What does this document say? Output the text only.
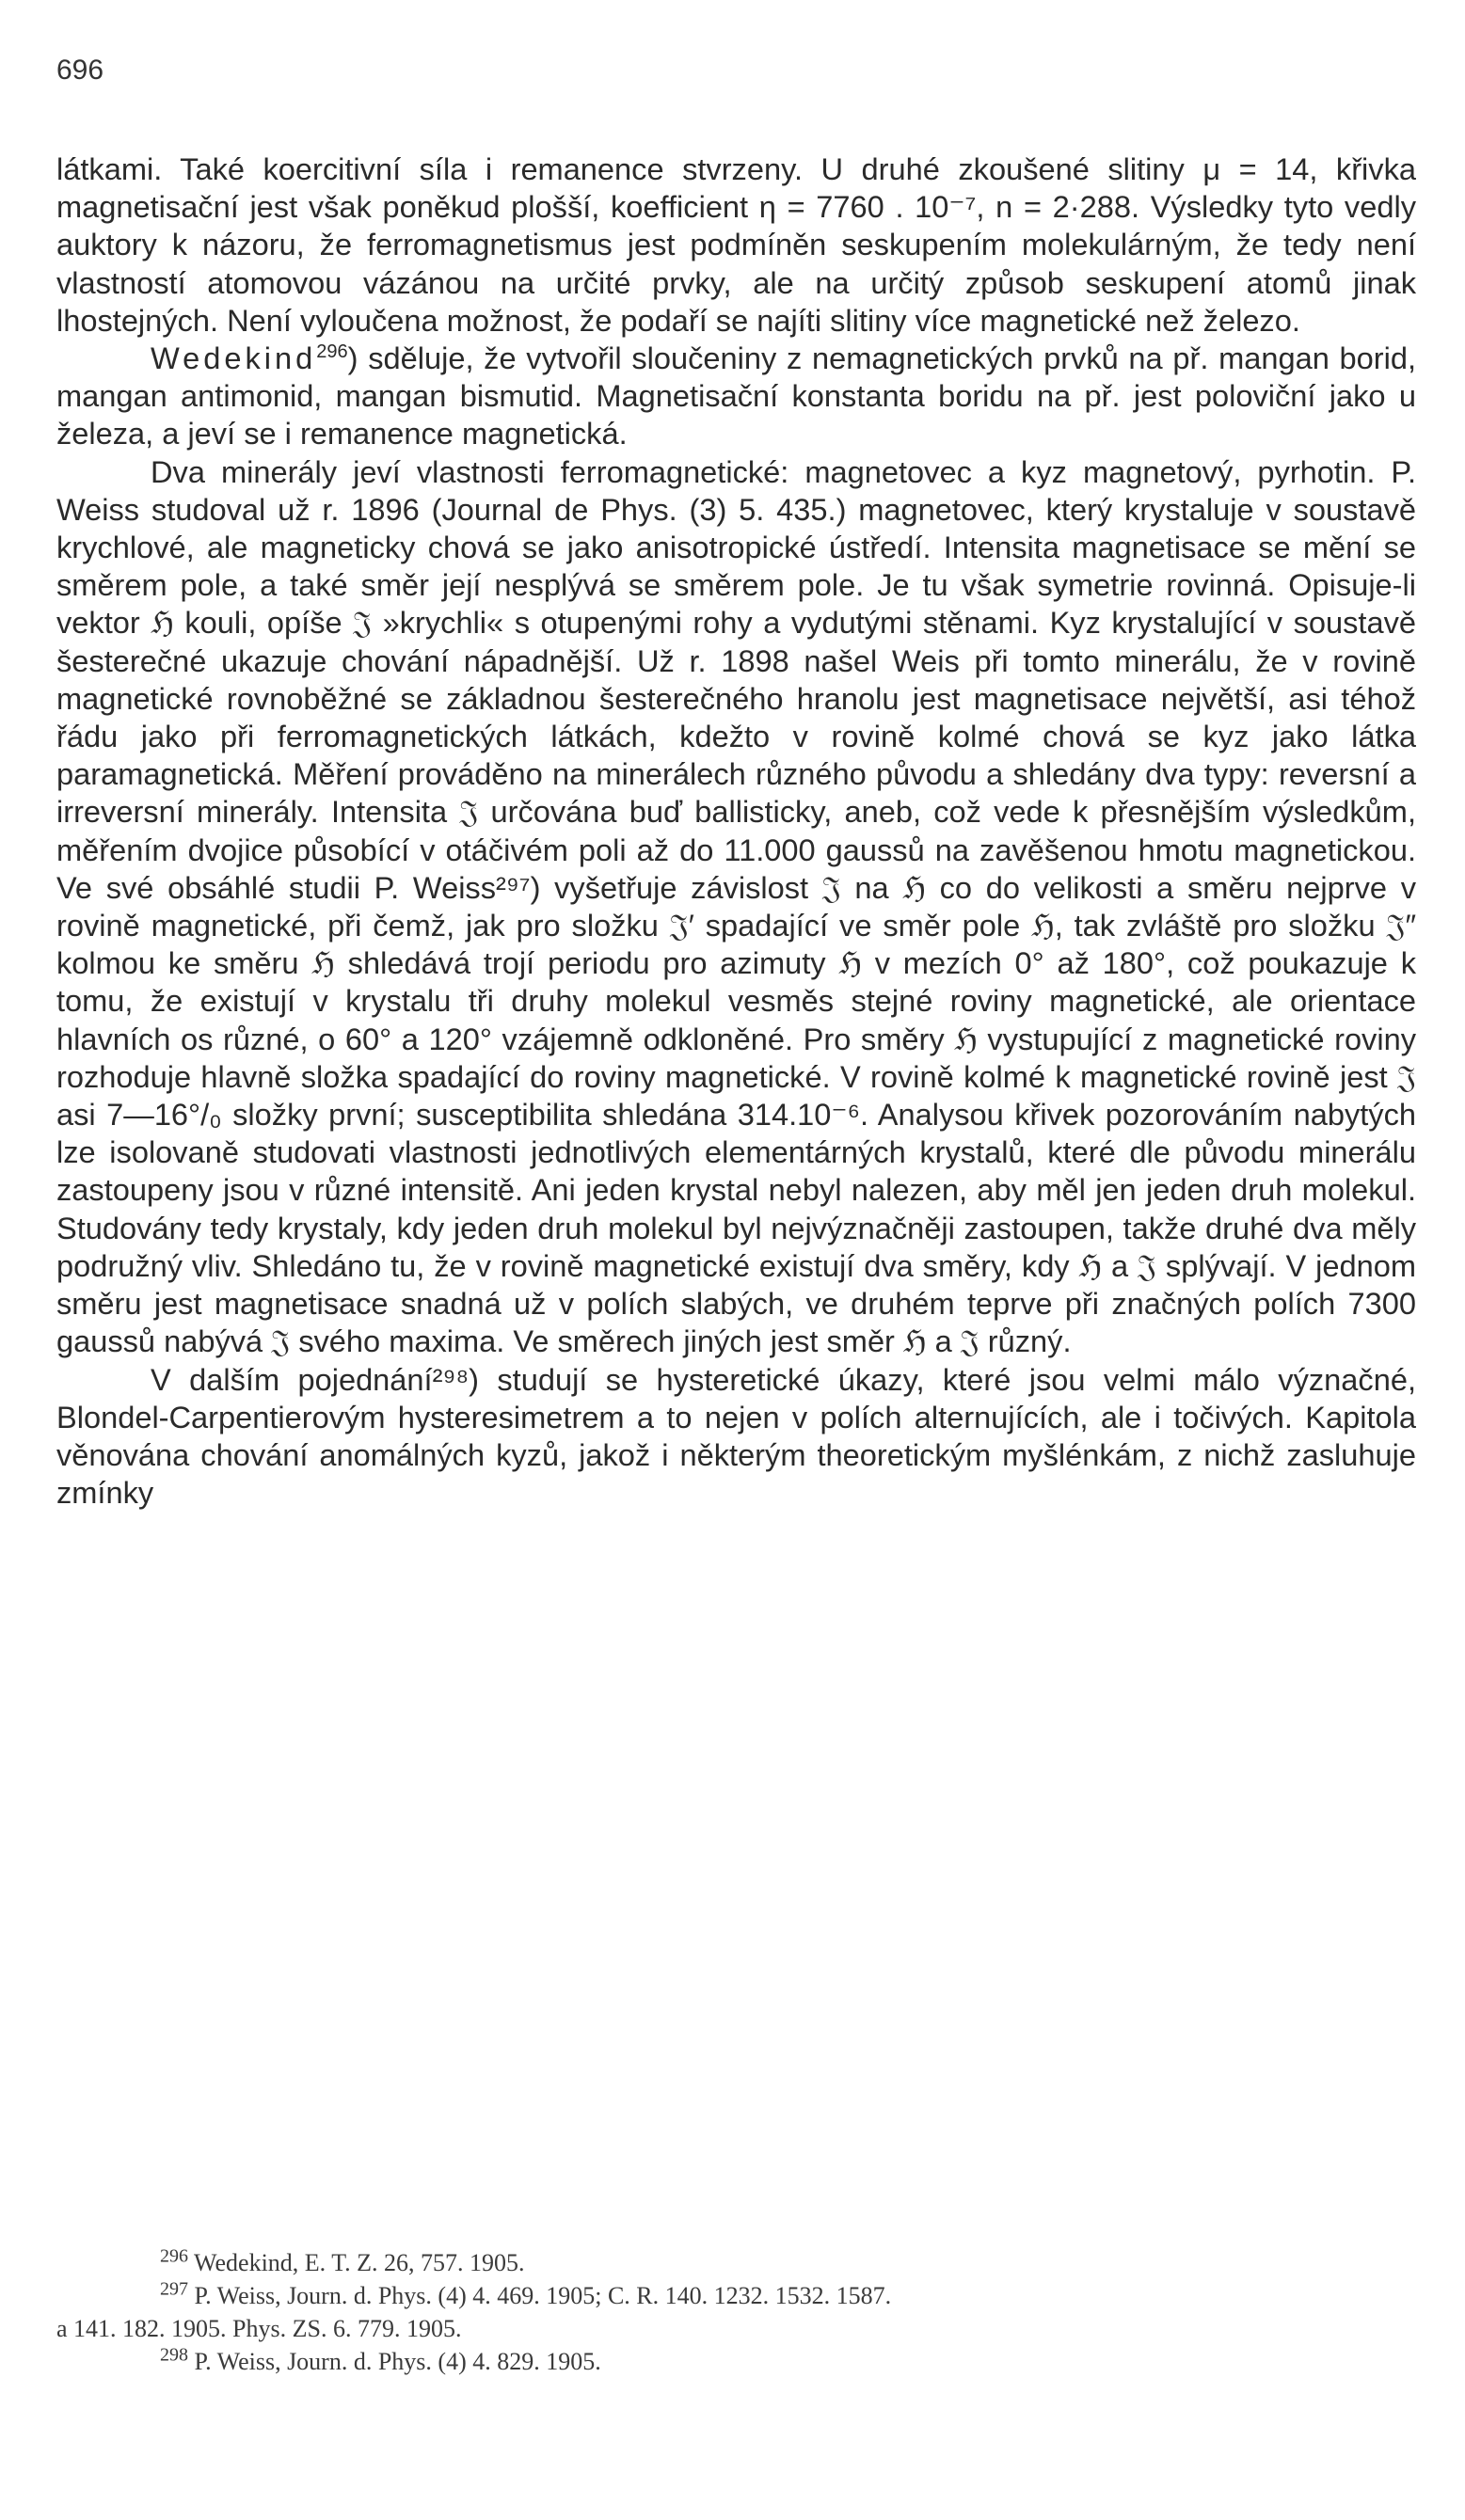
696

látkami. Také koercitivní síla i remanence stvrzeny. U druhé zkoušené slitiny μ = 14, křivka magnetisační jest však poněkud plošší, koefficient η = 7760 . 10⁻⁷, n = 2·288. Výsledky tyto vedly auktory k názoru, že ferromagnetismus jest podmíněn seskupením molekulárným, že tedy není vlastností atomovou vázánou na určité prvky, ale na určitý způsob seskupení atomů jinak lhostejných. Není vyloučena možnost, že podaří se najíti slitiny více magnetické než železo.

Wedekind$^{296}$) sděluje, že vytvořil sloučeniny z nemagnetických prvků na př. mangan borid, mangan antimonid, mangan bismutid. Magnetisační konstanta boridu na př. jest poloviční jako u železa, a jeví se i remanence magnetická.

Dva minerály jeví vlastnosti ferromagnetické: magnetovec a kyz magnetový, pyrhotin. P. Weiss studoval už r. 1896 (Journal de Phys. (3) 5. 435.) magnetovec, který krystaluje v soustavě krychlové, ale magneticky chová se jako anisotropické ústředí. Intensita magnetisace se mění se směrem pole, a také směr její nesplývá se směrem pole. Je tu však symetrie rovinná. Opisuje-li vektor ℌ kouli, opíše 𝔍 »krychli« s otupenými rohy a vydutými stěnami. Kyz krystalující v soustavě šesterečné ukazuje chování nápadnější. Už r. 1898 našel Weis při tomto minerálu, že v rovině magnetické rovnoběžné se základnou šesterečného hranolu jest magnetisace největší, asi téhož řádu jako při ferromagnetických látkách, kdežto v rovině kolmé chová se kyz jako látka paramagnetická. Měření prováděno na minerálech různého původu a shledány dva typy: reversní a irreversní minerály. Intensita 𝔍 určována buď ballisticky, aneb, což vede k přesnějším výsledkům, měřením dvojice působící v otáčivém poli až do 11.000 gaussů na zavěšenou hmotu magnetickou. Ve své obsáhlé studii P. Weiss²⁹⁷) vyšetřuje závislost 𝔍 na ℌ co do velikosti a směru nejprve v rovině magnetické, při čemž, jak pro složku 𝔍′ spadající ve směr pole ℌ, tak zvláště pro složku 𝔍″ kolmou ke směru ℌ shledává trojí periodu pro azimuty ℌ v mezích 0° až 180°, což poukazuje k tomu, že existují v krystalu tři druhy molekul vesměs stejné roviny magnetické, ale orientace hlavních os různé, o 60° a 120° vzájemně odkloněné. Pro směry ℌ vystupující z magnetické roviny rozhoduje hlavně složka spadající do roviny magnetické. V rovině kolmé k magnetické rovině jest 𝔍 asi 7—16°/₀ složky první; susceptibilita shledána 314.10⁻⁶. Analysou křivek pozorováním nabytých lze isolovaně studovati vlastnosti jednotlivých elementárných krystalů, které dle původu minerálu zastoupeny jsou v různé intensitě. Ani jeden krystal nebyl nalezen, aby měl jen jeden druh molekul. Studovány tedy krystaly, kdy jeden druh molekul byl nejvýznačněji zastoupen, takže druhé dva měly podružný vliv. Shledáno tu, že v rovině magnetické existují dva směry, kdy ℌ a 𝔍 splývají. V jednom směru jest magnetisace snadná už v polích slabých, ve druhém teprve při značných polích 7300 gaussů nabývá 𝔍 svého maxima. Ve směrech jiných jest směr ℌ a 𝔍 různý.

V dalším pojednání²⁹⁸) studují se hysteretické úkazy, které jsou velmi málo význačné, Blondel-Carpentierovým hysteresimetrem a to nejen v polích alternujících, ale i točivých. Kapitola věnována chování anomálných kyzů, jakož i některým theoretickým myšlénkám, z nichž zasluhuje zmínky

$^{296}$ Wedekind, E. T. Z. 26, 757. 1905.

$^{297}$ P. Weiss, Journ. d. Phys. (4) 4. 469. 1905; C. R. 140. 1232. 1532. 1587.

a 141. 182. 1905. Phys. ZS. 6. 779. 1905.

$^{298}$ P. Weiss, Journ. d. Phys. (4) 4. 829. 1905.
